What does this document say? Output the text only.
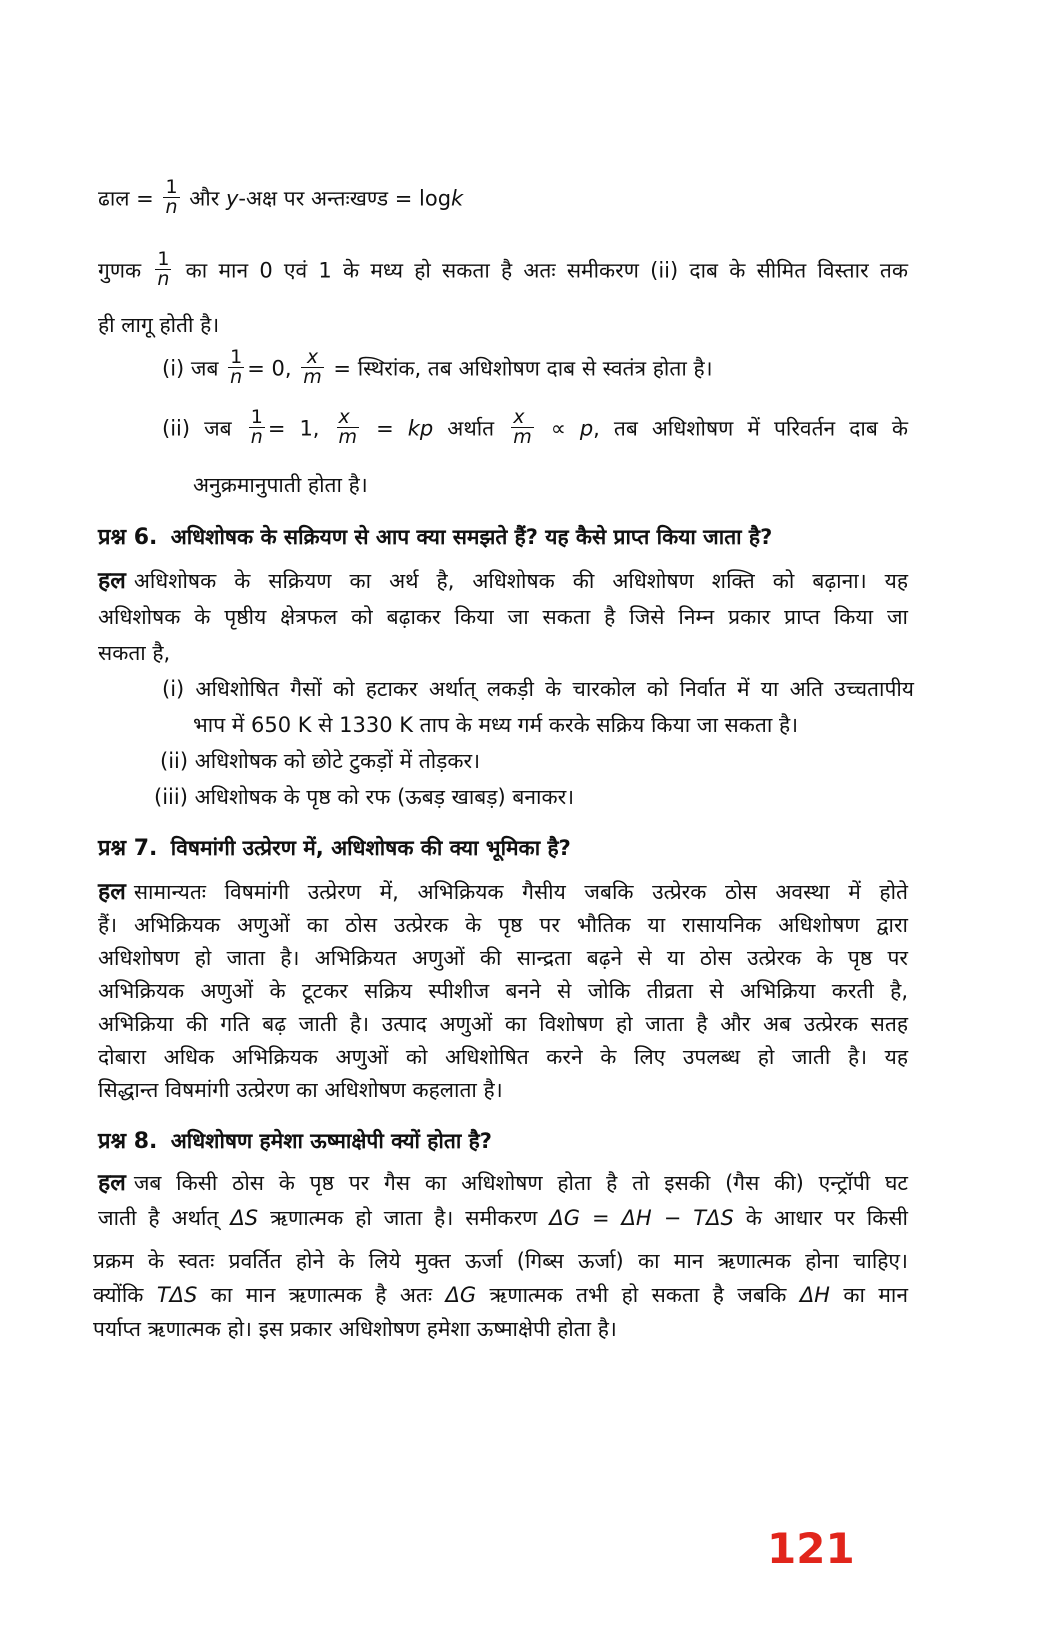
ढाल = $\frac{1}{n}$ और y-अक्ष पर अन्तःखण्ड = logk
गुणक $\frac{1}{n}$ का मान 0 एवं 1 के मध्य हो सकता है अतः समीकरण (ii) दाब के सीमित विस्तार तक
ही लागू होती है।
(i) जब $\frac{1}{n} = 0$, $\frac{x}{m}$ = स्थिरांक, तब अधिशोषण दाब से स्वतंत्र होता है।
(ii) जब $\frac{1}{n} = 1$, $\frac{x}{m}$ = kp अर्थात $\frac{x}{m} \propto p$, तब अधिशोषण में परिवर्तन दाब के
अनुक्रमानुपाती होता है।
प्रश्न 6. अधिशोषक के सक्रियण से आप क्या समझते हैं? यह कैसे प्राप्त किया जाता है?
हल अधिशोषक के सक्रियण का अर्थ है, अधिशोषक की अधिशोषण शक्ति को बढ़ाना। यह
अधिशोषक के पृष्ठीय क्षेत्रफल को बढ़ाकर किया जा सकता है जिसे निम्न प्रकार प्राप्त किया जा
सकता है,
(i) अधिशोषित गैसों को हटाकर अर्थात् लकड़ी के चारकोल को निर्वात में या अति उच्चतापीय
भाप में 650 K से 1330 K ताप के मध्य गर्म करके सक्रिय किया जा सकता है।
(ii) अधिशोषक को छोटे टुकड़ों में तोड़कर।
(iii) अधिशोषक के पृष्ठ को रफ (ऊबड़ खाबड़) बनाकर।
प्रश्न 7. विषमांगी उत्प्रेरण में, अधिशोषक की क्या भूमिका है?
हल सामान्यतः विषमांगी उत्प्रेरण में, अभिक्रियक गैसीय जबकि उत्प्रेरक ठोस अवस्था में होते
हैं। अभिक्रियक अणुओं का ठोस उत्प्रेरक के पृष्ठ पर भौतिक या रासायनिक अधिशोषण द्वारा
अधिशोषण हो जाता है। अभिक्रियत अणुओं की सान्द्रता बढ़ने से या ठोस उत्प्रेरक के पृष्ठ पर
अभिक्रियक अणुओं के टूटकर सक्रिय स्पीशीज बनने से जोकि तीव्रता से अभिक्रिया करती है,
अभिक्रिया की गति बढ़ जाती है। उत्पाद अणुओं का विशोषण हो जाता है और अब उत्प्रेरक सतह
दोबारा अधिक अभिक्रियक अणुओं को अधिशोषित करने के लिए उपलब्ध हो जाती है। यह
सिद्धान्त विषमांगी उत्प्रेरण का अधिशोषण कहलाता है।
प्रश्न 8. अधिशोषण हमेशा ऊष्माक्षेपी क्यों होता है?
हल जब किसी ठोस के पृष्ठ पर गैस का अधिशोषण होता है तो इसकी (गैस की) एन्ट्रॉपी घट
जाती है अर्थात् ΔS ऋणात्मक हो जाता है। समीकरण ΔG = ΔH − TΔS के आधार पर किसी
प्रक्रम के स्वतः प्रवर्तित होने के लिये मुक्त ऊर्जा (गिब्स ऊर्जा) का मान ऋणात्मक होना चाहिए।
क्योंकि TΔS का मान ऋणात्मक है अतः ΔG ऋणात्मक तभी हो सकता है जबकि ΔH का मान
पर्याप्त ऋणात्मक हो। इस प्रकार अधिशोषण हमेशा ऊष्माक्षेपी होता है।
121
